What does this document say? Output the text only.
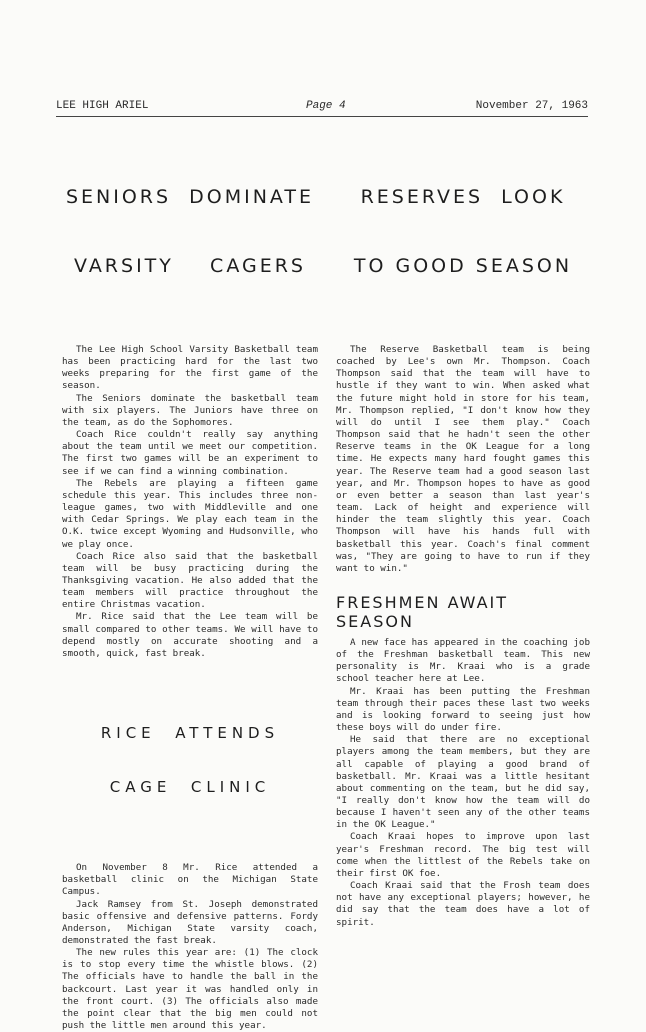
LEE HIGH ARIEL	Page 4	November 27, 1963

SENIORS  DOMINATE

VARSITY    CAGERS

The Lee High School Varsity Basketball team has been practicing hard for the last two weeks preparing for the first game of the season.

The Seniors dominate the basketball team with six players. The Juniors have three on the team, as do the Sophomores.

Coach Rice couldn't really say anything about the team until we meet our competition. The first two games will be an experiment to see if we can find a winning combination.

The Rebels are playing a fifteen game schedule this year. This includes three non-league games, two with Middleville and one with Cedar Springs. We play each team in the O.K. twice except Wyoming and Hudsonville, who we play once.

Coach Rice also said that the basketball team will be busy practicing during the Thanksgiving vacation. He also added that the team members will practice throughout the entire Christmas vacation.

Mr. Rice said that the Lee team will be small compared to other teams. We will have to depend mostly on accurate shooting and a smooth, quick, fast break.

RICE  ATTENDS

CAGE  CLINIC

On November 8 Mr. Rice attended a basketball clinic on the Michigan State Campus.

Jack Ramsey from St. Joseph demonstrated basic offensive and defensive patterns. Fordy Anderson, Michigan State varsity coach, demonstrated the fast break.

The new rules this year are: (1) The clock is to stop every time the whistle blows. (2) The officials have to handle the ball in the backcourt. Last year it was handled only in the front court. (3) The officials also made the point clear that the big men could not push the little men around this year.

RESERVES  LOOK

TO GOOD SEASON

The Reserve Basketball team is being coached by Lee's own Mr. Thompson. Coach Thompson said that the team will have to hustle if they want to win. When asked what the future might hold in store for his team, Mr. Thompson replied, "I don't know how they will do until I see them play." Coach Thompson said that he hadn't seen the other Reserve teams in the OK League for a long time. He expects many hard fought games this year. The Reserve team had a good season last year, and Mr. Thompson hopes to have as good or even better a season than last year's team. Lack of height and experience will hinder the team slightly this year. Coach Thompson will have his hands full with basketball this year. Coach's final comment was, "They are going to have to run if they want to win."

FRESHMEN AWAIT SEASON

A new face has appeared in the coaching job of the Freshman basketball team. This new personality is Mr. Kraai who is a grade school teacher here at Lee.

Mr. Kraai has been putting the Freshman team through their paces these last two weeks and is looking forward to seeing just how these boys will do under fire.

He said that there are no exceptional players among the team members, but they are all capable of playing a good brand of basketball. Mr. Kraai was a little hesitant about commenting on the team, but he did say, "I really don't know how the team will do because I haven't seen any of the other teams in the OK League."

Coach Kraai hopes to improve upon last year's Freshman record. The big test will come when the littlest of the Rebels take on their first OK foe.

Coach Kraai said that the Frosh team does not have any exceptional players; however, he did say that the team does have a lot of spirit.
